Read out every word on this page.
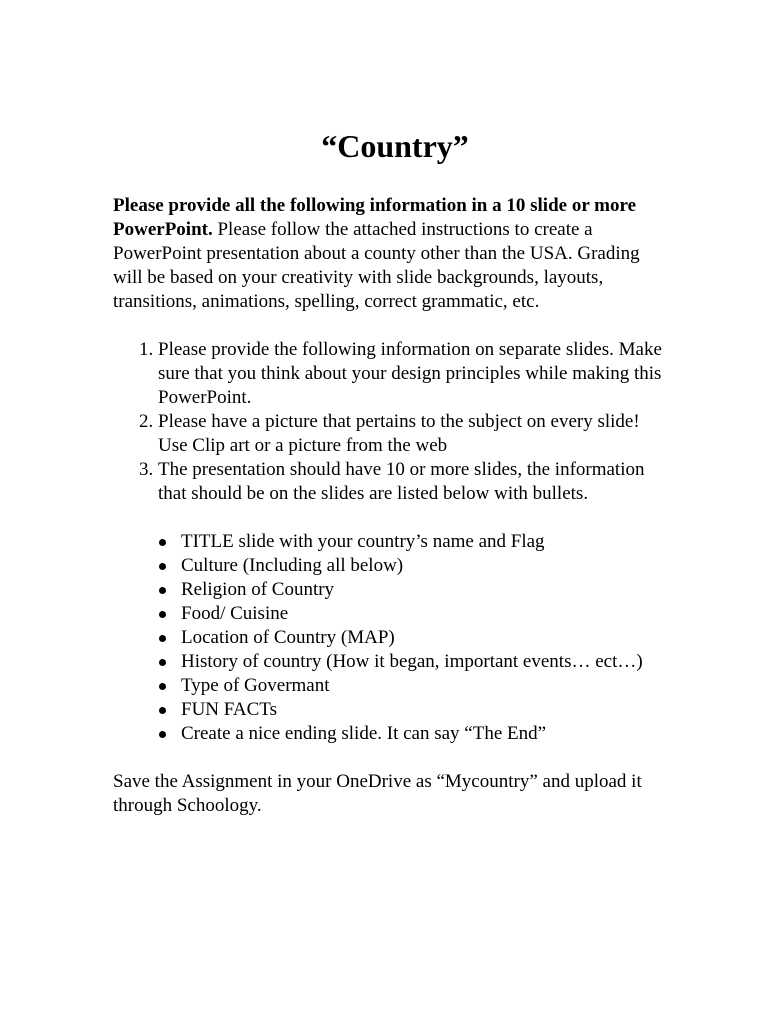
“Country”

Please provide all the following information in a 10 slide or more PowerPoint. Please follow the attached instructions to create a PowerPoint presentation about a county other than the USA. Grading will be based on your creativity with slide backgrounds, layouts, transitions, animations, spelling, correct grammatic, etc.

1. Please provide the following information on separate slides. Make sure that you think about your design principles while making this PowerPoint.
2. Please have a picture that pertains to the subject on every slide! Use Clip art or a picture from the web
3. The presentation should have 10 or more slides, the information that should be on the slides are listed below with bullets.
TITLE slide with your country’s name and Flag
Culture (Including all below)
Religion of Country
Food/ Cuisine
Location of Country (MAP)
History of country (How it began, important events… ect…)
Type of Govermant
FUN FACTs
Create a nice ending slide. It can say “The End”

Save the Assignment in your OneDrive as “Mycountry” and upload it through Schoology.
